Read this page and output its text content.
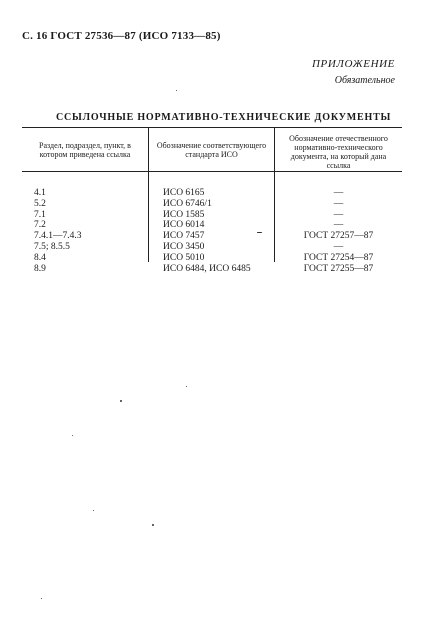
С. 16 ГОСТ 27536—87 (ИСО 7133—85)
ПРИЛОЖЕНИЕ
Обязательное
ССЫЛОЧНЫЕ НОРМАТИВНО-ТЕХНИЧЕСКИЕ ДОКУМЕНТЫ
Раздел, подраздел, пункт, в котором приведена ссылка
Обозначение соответствующего стандарта ИСО
Обозначение отечественного нормативно-технического документа, на который дана ссылка
4.1
5.2
7.1
7.2
7.4.1—7.4.3
7.5; 8.5.5
8.4
8.9
ИСО 6165
ИСО 6746/1
ИСО 1585
ИСО 6014
ИСО 7457
ИСО 3450
ИСО 5010
ИСО 6484, ИСО 6485
—
—
—
—
ГОСТ 27257—87
—
ГОСТ 27254—87
ГОСТ 27255—87
